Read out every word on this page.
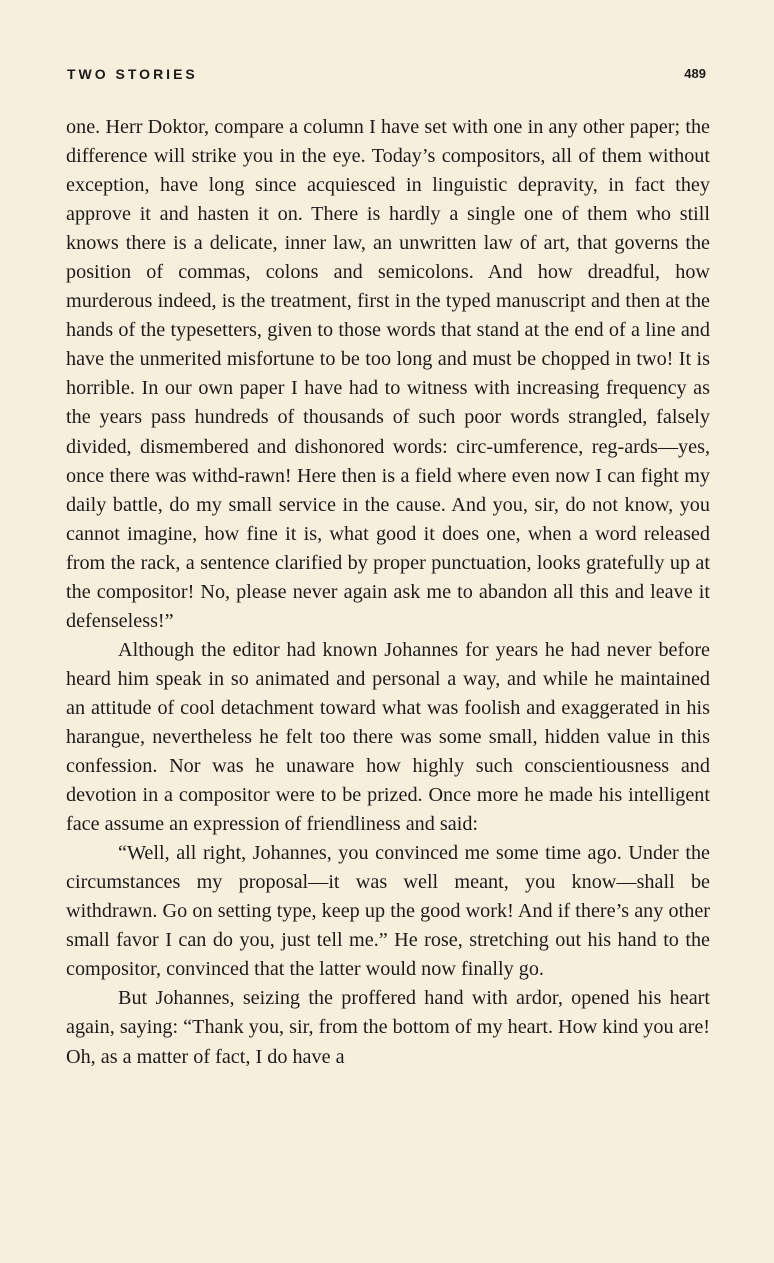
TWO STORIES	489

one. Herr Doktor, compare a column I have set with one in any other paper; the difference will strike you in the eye. Today’s compositors, all of them without exception, have long since acquiesced in linguistic depravity, in fact they approve it and hasten it on. There is hardly a single one of them who still knows there is a delicate, inner law, an unwritten law of art, that governs the position of commas, colons and semicolons. And how dreadful, how murderous indeed, is the treatment, first in the typed manuscript and then at the hands of the typesetters, given to those words that stand at the end of a line and have the unmerited misfortune to be too long and must be chopped in two! It is horrible. In our own paper I have had to witness with increasing frequency as the years pass hundreds of thousands of such poor words strangled, falsely divided, dismembered and dishonored words: circ-umference, reg-ards—yes, once there was withd-rawn! Here then is a field where even now I can fight my daily battle, do my small service in the cause. And you, sir, do not know, you cannot imagine, how fine it is, what good it does one, when a word released from the rack, a sentence clarified by proper punctuation, looks gratefully up at the compositor! No, please never again ask me to abandon all this and leave it defenseless!”

Although the editor had known Johannes for years he had never before heard him speak in so animated and personal a way, and while he maintained an attitude of cool detachment toward what was foolish and exaggerated in his harangue, nevertheless he felt too there was some small, hidden value in this confession. Nor was he unaware how highly such conscientiousness and devotion in a compositor were to be prized. Once more he made his intelligent face assume an expression of friendliness and said:

“Well, all right, Johannes, you convinced me some time ago. Under the circumstances my proposal—it was well meant, you know—shall be withdrawn. Go on setting type, keep up the good work! And if there’s any other small favor I can do you, just tell me.” He rose, stretching out his hand to the compositor, convinced that the latter would now finally go.

But Johannes, seizing the proffered hand with ardor, opened his heart again, saying: “Thank you, sir, from the bottom of my heart. How kind you are! Oh, as a matter of fact, I do have a
